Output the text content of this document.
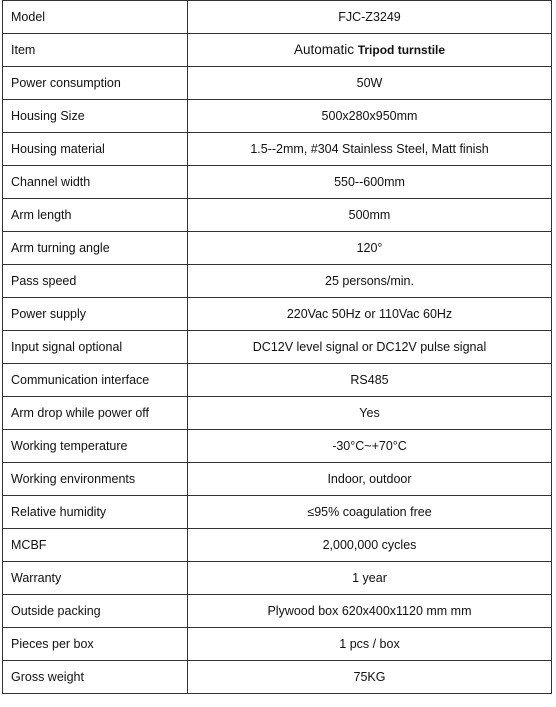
Model	FJC-Z3249
Item	Automatic Tripod turnstile
Power consumption	50W
Housing Size	500x280x950mm
Housing material	1.5--2mm, #304 Stainless Steel, Matt finish
Channel width	550--600mm
Arm length	500mm
Arm turning angle	120°
Pass speed	25 persons/min.
Power supply	220Vac 50Hz or 110Vac 60Hz
Input signal optional	DC12V level signal or DC12V pulse signal
Communication interface	RS485
Arm drop while power off	Yes
Working temperature	-30°C~+70°C
Working environments	Indoor, outdoor
Relative humidity	≤95% coagulation free
MCBF	2,000,000 cycles
Warranty	1 year
Outside packing	Plywood box 620x400x1120 mm mm
Pieces per box	1 pcs / box
Gross weight	75KG
